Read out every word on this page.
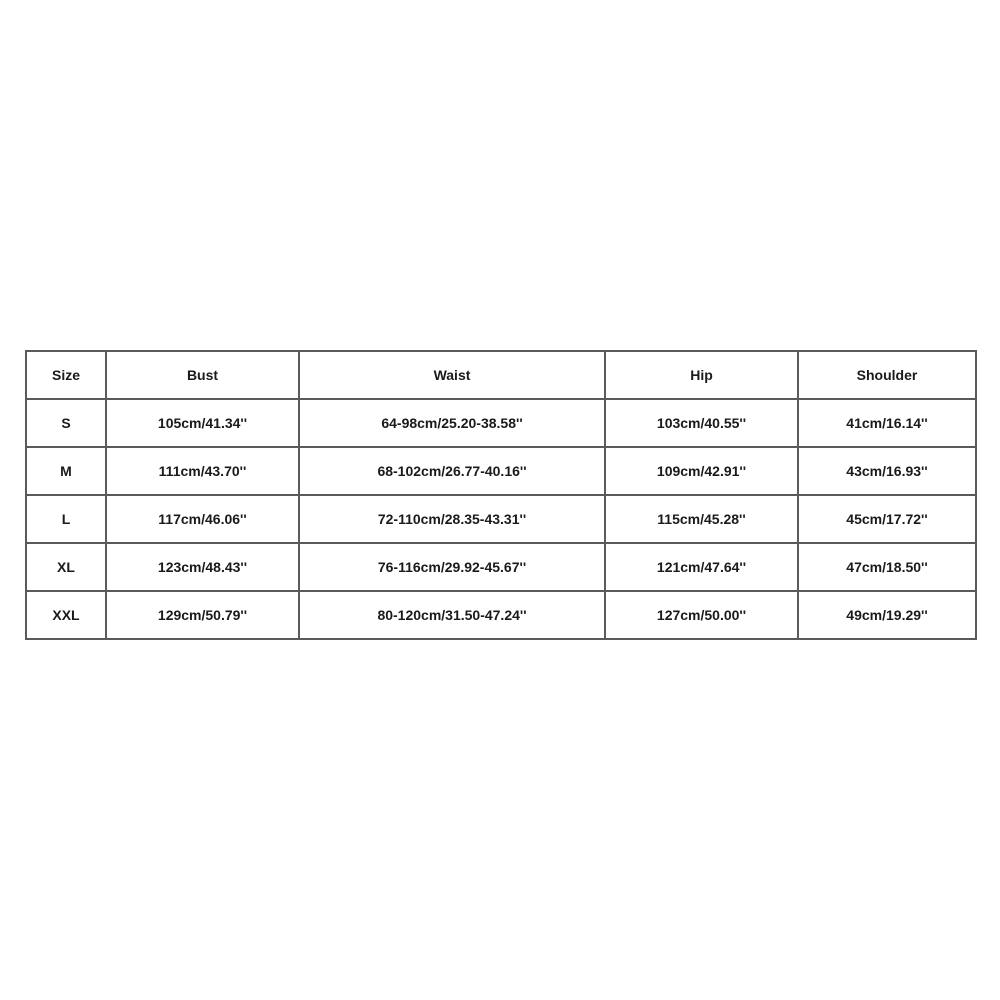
Size	Bust	Waist	Hip	Shoulder
S	105cm/41.34''	64-98cm/25.20-38.58''	103cm/40.55''	41cm/16.14''
M	111cm/43.70''	68-102cm/26.77-40.16''	109cm/42.91''	43cm/16.93''
L	117cm/46.06''	72-110cm/28.35-43.31''	115cm/45.28''	45cm/17.72''
XL	123cm/48.43''	76-116cm/29.92-45.67''	121cm/47.64''	47cm/18.50''
XXL	129cm/50.79''	80-120cm/31.50-47.24''	127cm/50.00''	49cm/19.29''
